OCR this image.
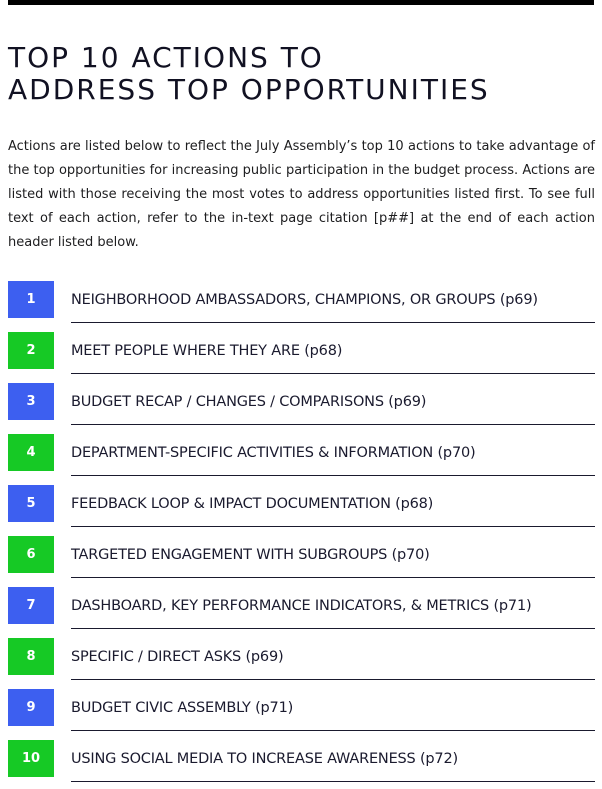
TOP 10 ACTIONS TO
ADDRESS TOP OPPORTUNITIES

Actions are listed below to reflect the July Assembly’s top 10 actions to take advantage of the top opportunities for increasing public participation in the budget process. Actions are listed with those receiving the most votes to address opportunities listed first. To see full text of each action, refer to the in-text page citation [p##] at the end of each action header listed below.

1	NEIGHBORHOOD AMBASSADORS, CHAMPIONS, OR GROUPS (p69)
2	MEET PEOPLE WHERE THEY ARE (p68)
3	BUDGET RECAP / CHANGES / COMPARISONS (p69)
4	DEPARTMENT-SPECIFIC ACTIVITIES & INFORMATION (p70)
5	FEEDBACK LOOP & IMPACT DOCUMENTATION (p68)
6	TARGETED ENGAGEMENT WITH SUBGROUPS (p70)
7	DASHBOARD, KEY PERFORMANCE INDICATORS, & METRICS (p71)
8	SPECIFIC / DIRECT ASKS (p69)
9	BUDGET CIVIC ASSEMBLY (p71)
10	USING SOCIAL MEDIA TO INCREASE AWARENESS (p72)
